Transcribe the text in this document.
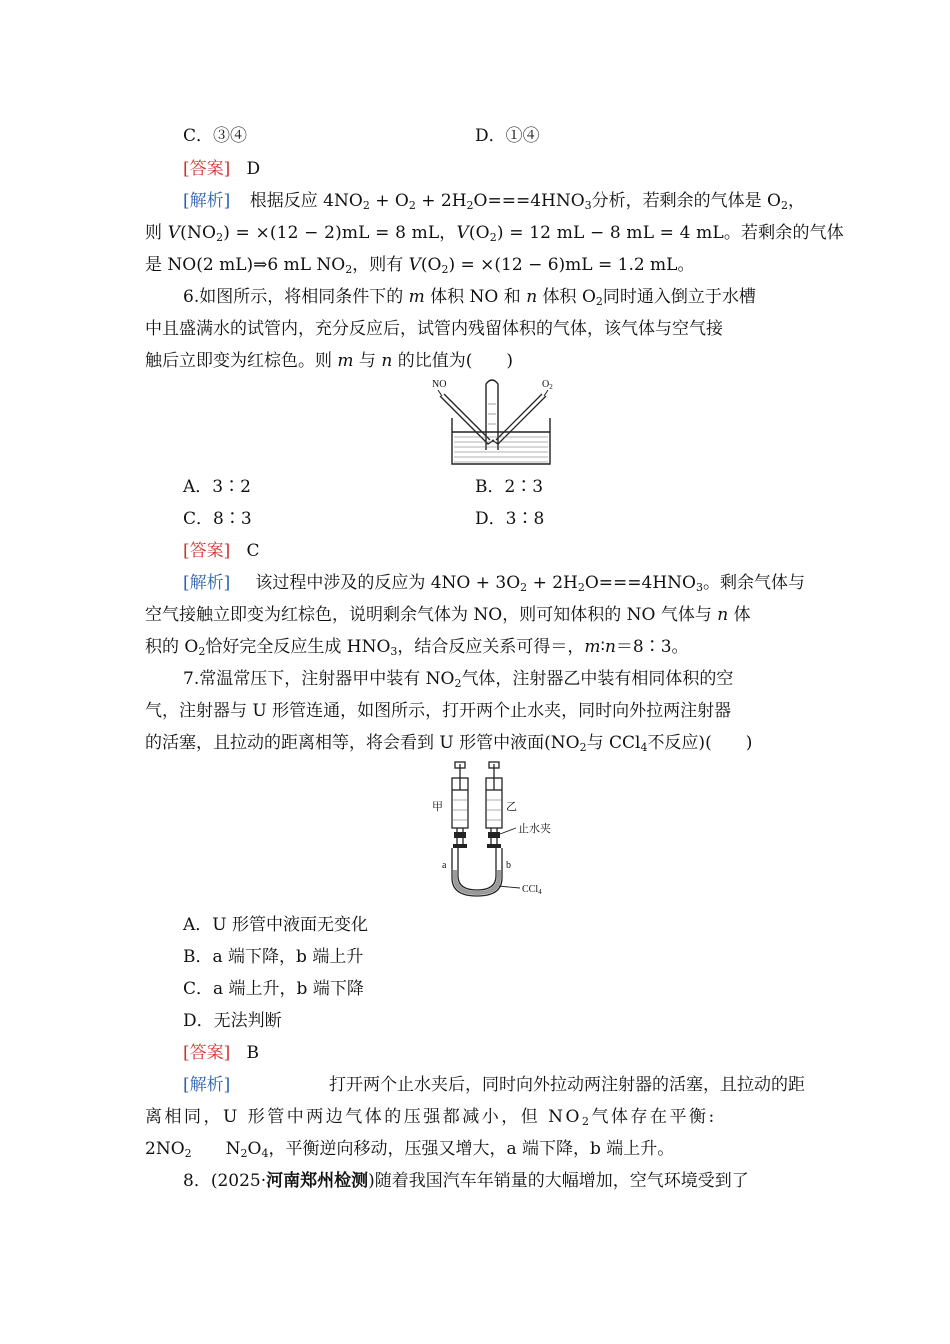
C．③④	D．①④
[答案] D
[解析] 根据反应 $4NO_2 + O_2 + 2H_2O===4HNO_3$分析，若剩余的气体是 $O_2$，
则 $V(NO_2) = \times(12 - 2)mL = 8$ mL，$V(O_2) = 12$ mL − 8 mL = 4 mL。若剩余的气体
是 NO(2 mL)⇒6 mL $NO_2$，则有 $V(O_2) = \times(12 - 6)mL = 1.2$ mL。
6.如图所示，将相同条件下的 m 体积 NO 和 n 体积 $O_2$同时通入倒立于水槽
中且盛满水的试管内，充分反应后，试管内残留体积的气体，该气体与空气接
触后立即变为红棕色。则 m 与 n 的比值为(　　)
NO	$O_2$
A．3∶2	B．2∶3
C．8∶3	D．3∶8
[答案] C
[解析] 该过程中涉及的反应为 $4NO + 3O_2 + 2H_2O===4HNO_3$。剩余气体与
空气接触立即变为红棕色，说明剩余气体为 NO，则可知体积的 NO 气体与 n 体
积的 $O_2$恰好完全反应生成 $HNO_3$，结合反应关系可得＝，m∶n＝8∶3。
7.常温常压下，注射器甲中装有 $NO_2$气体，注射器乙中装有相同体积的空
气，注射器与 U 形管连通，如图所示，打开两个止水夹，同时向外拉两注射器
的活塞，且拉动的距离相等，将会看到 U 形管中液面($NO_2$与 CCl$_4$不反应)(　　)
甲	乙
止水夹
a	b
CCl$_4$
A．U 形管中液面无变化
B．a 端下降，b 端上升
C．a 端上升，b 端下降
D．无法判断
[答案] B
[解析]	打开两个止水夹后，同时向外拉动两注射器的活塞，且拉动的距
离相同，U 形管中两边气体的压强都减小，但 $NO_2$气体存在平衡:
$2NO_2$ $N_2O_4$，平衡逆向移动，压强又增大，a 端下降，b 端上升。
8．(2025·河南郑州检测)随着我国汽车年销量的大幅增加，空气环境受到了
